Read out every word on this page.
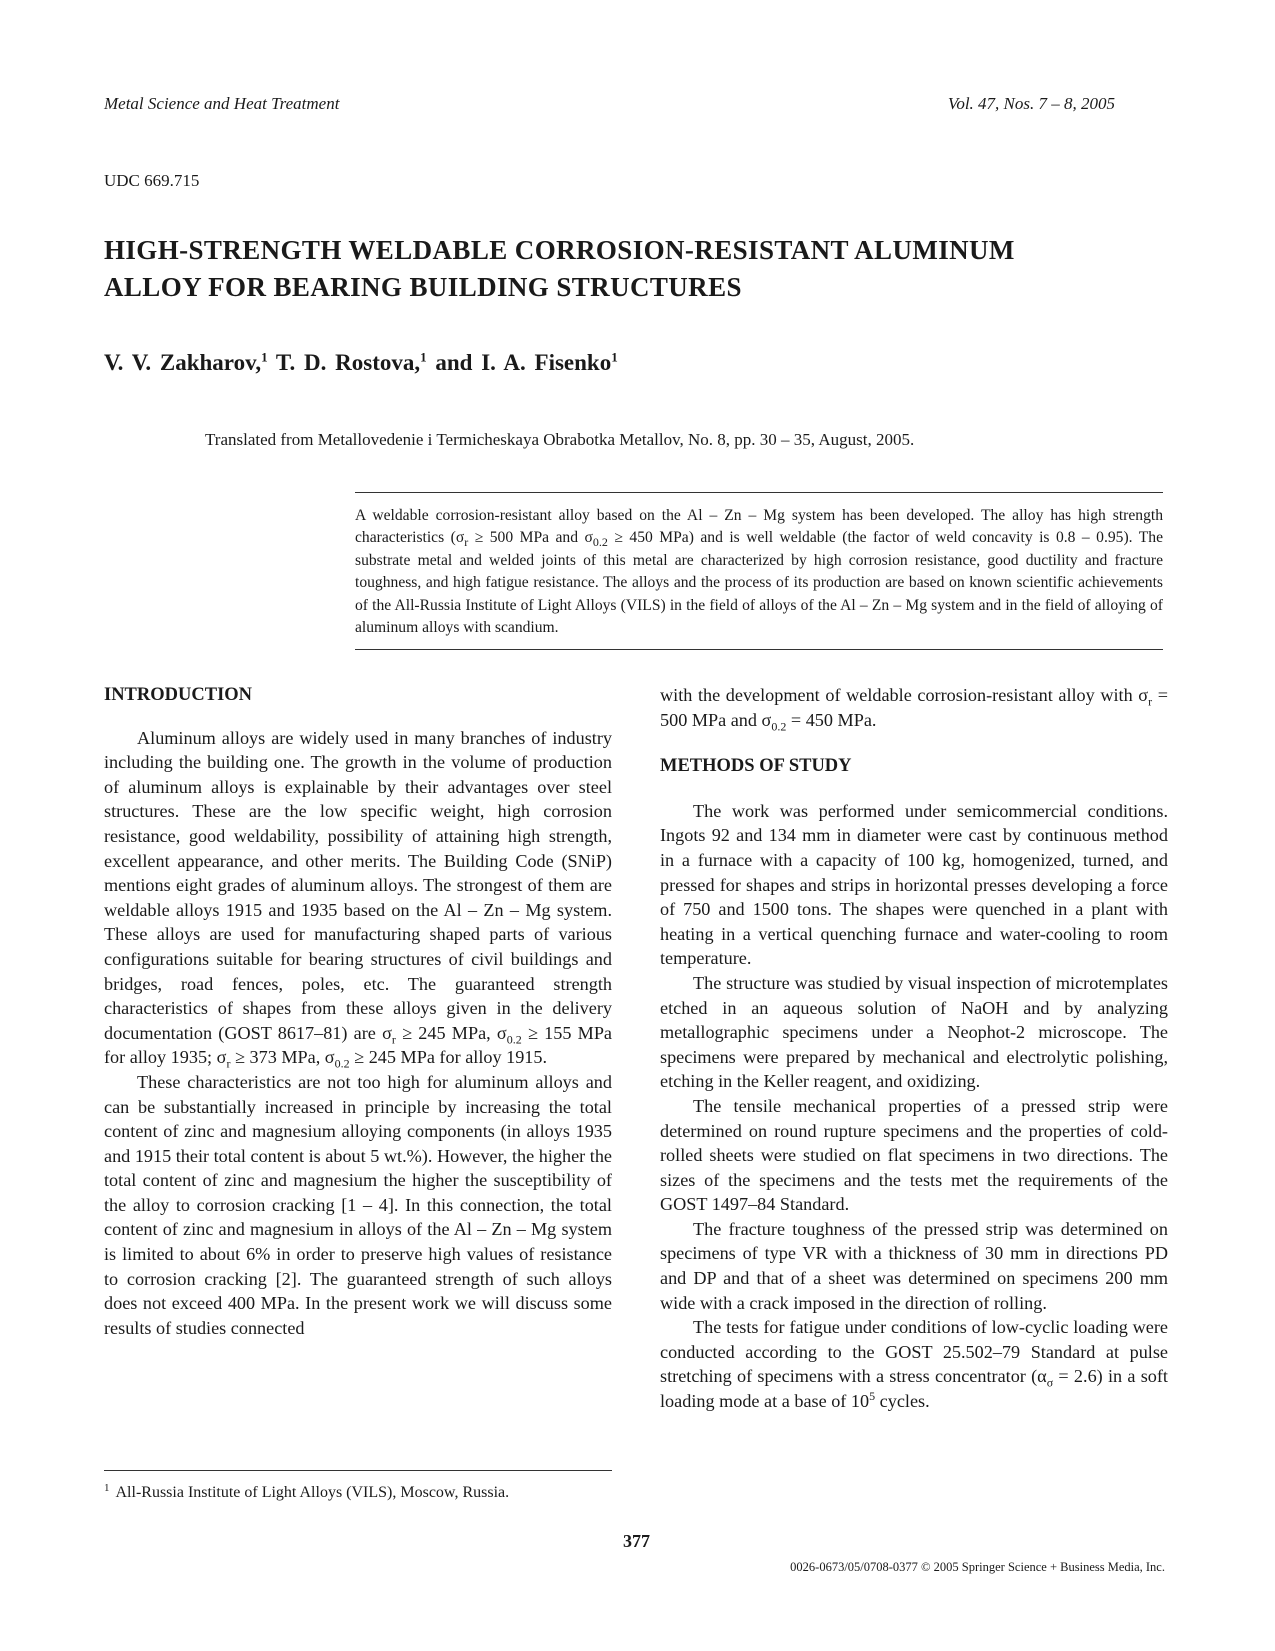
Metal Science and Heat Treatment	Vol. 47, Nos. 7 – 8, 2005
UDC 669.715
HIGH-STRENGTH WELDABLE CORROSION-RESISTANT ALUMINUM
ALLOY FOR BEARING BUILDING STRUCTURES
V. V. Zakharov,$^1$ T. D. Rostova,$^1$ and I. A. Fisenko$^1$
Translated from Metallovedenie i Termicheskaya Obrabotka Metallov, No. 8, pp. 30 – 35, August, 2005.

A weldable corrosion-resistant alloy based on the Al – Zn – Mg system has been developed. The alloy has high strength characteristics ($\sigma_r \ge 500$ MPa and $\sigma_{0.2} \ge 450$ MPa) and is well weldable (the factor of weld concavity is 0.8 – 0.95). The substrate metal and welded joints of this metal are characterized by high corrosion resistance, good ductility and fracture toughness, and high fatigue resistance. The alloys and the process of its production are based on known scientific achievements of the All-Russia Institute of Light Alloys (VILS) in the field of alloys of the Al – Zn – Mg system and in the field of alloying of aluminum alloys with scandium.

INTRODUCTION

Aluminum alloys are widely used in many branches of industry including the building one. The growth in the volume of production of aluminum alloys is explainable by their advantages over steel structures. These are the low specific weight, high corrosion resistance, good weldability, possibility of attaining high strength, excellent appearance, and other merits. The Building Code (SNiP) mentions eight grades of aluminum alloys. The strongest of them are weldable alloys 1915 and 1935 based on the Al – Zn – Mg system. These alloys are used for manufacturing shaped parts of various configurations suitable for bearing structures of civil buildings and bridges, road fences, poles, etc. The guaranteed strength characteristics of shapes from these alloys given in the delivery documentation (GOST 8617–81) are $\sigma_r \ge 245$ MPa, $\sigma_{0.2} \ge 155$ MPa for alloy 1935; $\sigma_r \ge 373$ MPa, $\sigma_{0.2} \ge 245$ MPa for alloy 1915.

These characteristics are not too high for aluminum alloys and can be substantially increased in principle by increasing the total content of zinc and magnesium alloying components (in alloys 1935 and 1915 their total content is about 5 wt.%). However, the higher the total content of zinc and magnesium the higher the susceptibility of the alloy to corrosion cracking [1 – 4]. In this connection, the total content of zinc and magnesium in alloys of the Al – Zn – Mg system is limited to about 6% in order to preserve high values of resistance to corrosion cracking [2]. The guaranteed strength of such alloys does not exceed 400 MPa. In the present work we will discuss some results of studies connected

with the development of weldable corrosion-resistant alloy with $\sigma_r = 500$ MPa and $\sigma_{0.2} = 450$ MPa.

METHODS OF STUDY

The work was performed under semicommercial conditions. Ingots 92 and 134 mm in diameter were cast by continuous method in a furnace with a capacity of 100 kg, homogenized, turned, and pressed for shapes and strips in horizontal presses developing a force of 750 and 1500 tons. The shapes were quenched in a plant with heating in a vertical quenching furnace and water-cooling to room temperature.

The structure was studied by visual inspection of microtemplates etched in an aqueous solution of NaOH and by analyzing metallographic specimens under a Neophot-2 microscope. The specimens were prepared by mechanical and electrolytic polishing, etching in the Keller reagent, and oxidizing.

The tensile mechanical properties of a pressed strip were determined on round rupture specimens and the properties of cold-rolled sheets were studied on flat specimens in two directions. The sizes of the specimens and the tests met the requirements of the GOST 1497–84 Standard.

The fracture toughness of the pressed strip was determined on specimens of type VR with a thickness of 30 mm in directions PD and DP and that of a sheet was determined on specimens 200 mm wide with a crack imposed in the direction of rolling.

The tests for fatigue under conditions of low-cyclic loading were conducted according to the GOST 25.502–79 Standard at pulse stretching of specimens with a stress concentrator $(\alpha_\sigma = 2.6)$ in a soft loading mode at a base of $10^5$ cycles.

$^1$ All-Russia Institute of Light Alloys (VILS), Moscow, Russia.
377
0026-0673/05/0708-0377 © 2005 Springer Science + Business Media, Inc.
